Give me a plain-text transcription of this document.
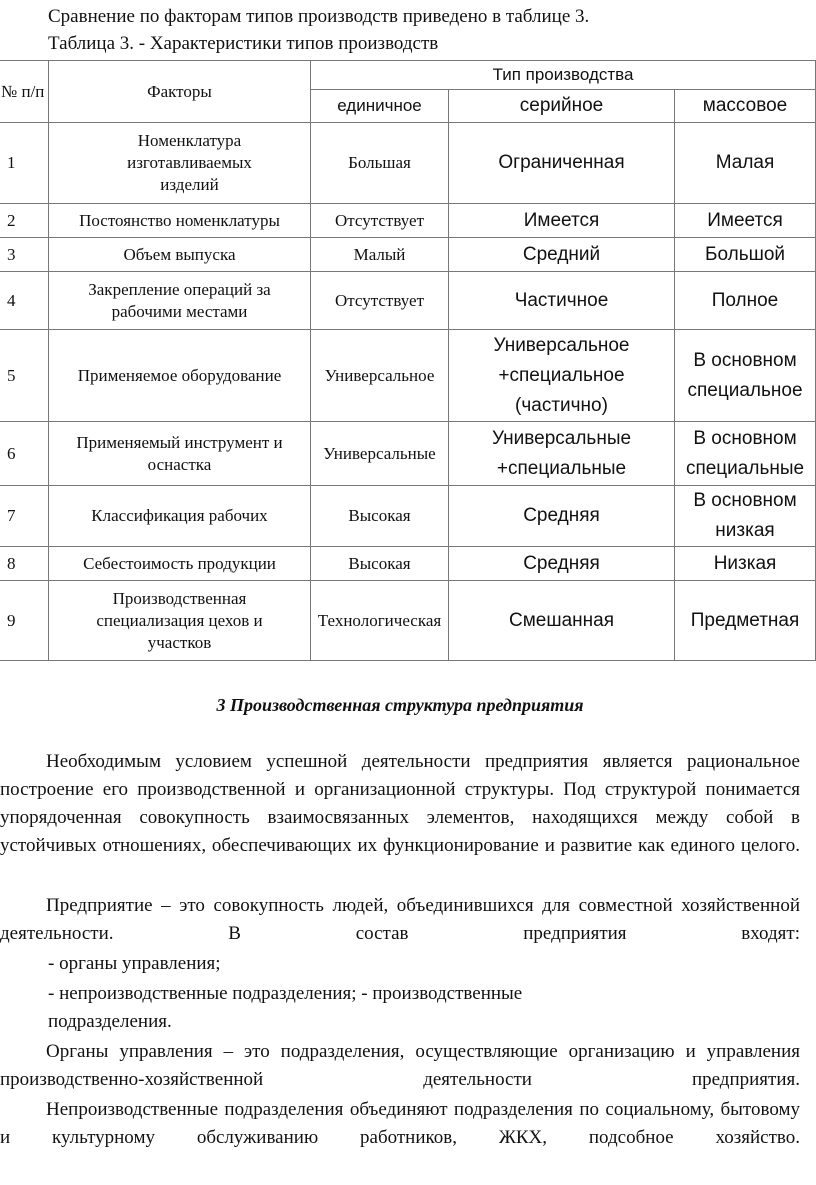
Сравнение по факторам типов производств приведено в таблице 3.
Таблица 3. - Характеристики типов производств
№ п/п	Факторы	Тип производства		
		единичное	серийное	массовое
1	Номенклатура изготавливаемых изделий	Большая	Ограниченная	Малая
2	Постоянство номенклатуры	Отсутствует	Имеется	Имеется
3	Объем выпуска	Малый	Средний	Большой
4	Закрепление операций за рабочими местами	Отсутствует	Частичное	Полное
5	Применяемое оборудование	Универсальное	Универсальное +специальное (частично)	В основном специальное
6	Применяемый инструмент и оснастка	Универсальные	Универсальные +специальные	В основном специальные
7	Классификация рабочих	Высокая	Средняя	В основном низкая
8	Себестоимость продукции	Высокая	Средняя	Низкая
9	Производственная специализация цехов и участков	Технологическая	Смешанная	Предметная
3 Производственная структура предприятия
Необходимым условием успешной деятельности предприятия является рациональное построение его производственной и организационной структуры. Под структурой понимается упорядоченная совокупность взаимосвязанных элементов, находящихся между собой в устойчивых отношениях, обеспечивающих их функционирование и развитие как единого целого.
Предприятие – это совокупность людей, объединившихся для совместной хозяйственной деятельности. В состав предприятия входят:
- органы управления;
- непроизводственные подразделения; - производственные
подразделения.
Органы управления – это подразделения, осуществляющие организацию и управления производственно-хозяйственной деятельности предприятия.
Непроизводственные подразделения объединяют подразделения по социальному, бытовому и культурному обслуживанию работников, ЖКХ, подсобное хозяйство.
